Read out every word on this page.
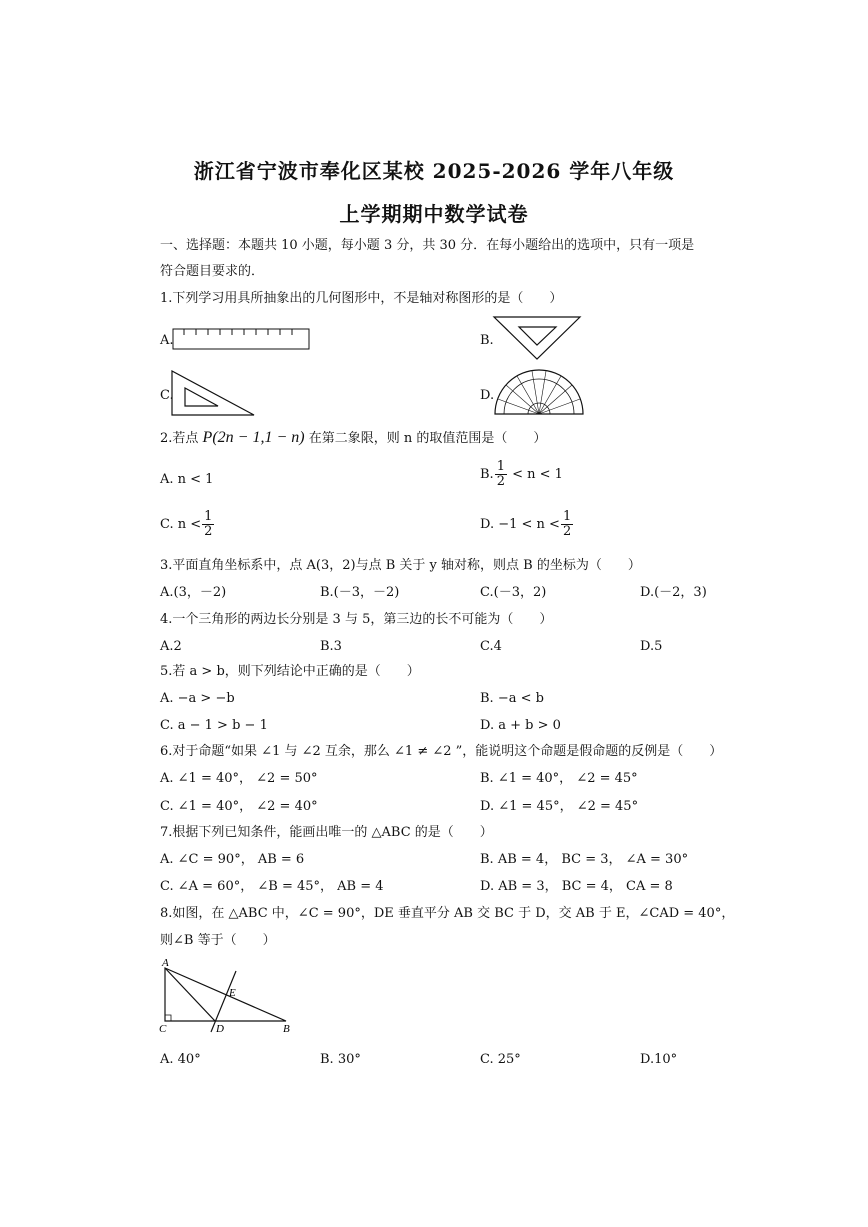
浙江省宁波市奉化区某校 2025-2026 学年八年级
上学期期中数学试卷
一、选择题：本题共 10 小题，每小题 3 分，共 30 分．在每小题给出的选项中，只有一项是
符合题目要求的．
1.下列学习用具所抽象出的几何图形中，不是轴对称图形的是（　　）
A.	B.
C.	D.
2.若点 P(2n − 1,1 − n) 在第二象限，则 n 的取值范围是（　　）
A. n < 1	B. $\frac{1}{2} < n < 1$
C. $n < \frac{1}{2}$	D. $-1 < n < \frac{1}{2}$
3.平面直角坐标系中，点 A(3，2)与点 B 关于 y 轴对称，则点 B 的坐标为（　　）
A.(3，－2)	B.(－3，－2)	C.(－3，2)	D.(－2，3)
4.一个三角形的两边长分别是 3 与 5，第三边的长不可能为（　　）
A.2	B.3	C.4	D.5
5.若 a > b，则下列结论中正确的是（　　）
A. −a > −b	B. −a < b
C. a − 1 > b − 1	D. a + b > 0
6.对于命题“如果 ∠1 与 ∠2 互余，那么 ∠1 ≠ ∠2 ”，能说明这个命题是假命题的反例是（　　）
A. ∠1 = 40°， ∠2 = 50°	B. ∠1 = 40°， ∠2 = 45°
C. ∠1 = 40°， ∠2 = 40°	D. ∠1 = 45°， ∠2 = 45°
7.根据下列已知条件，能画出唯一的 △ABC 的是（　　）
A. ∠C = 90°， AB = 6	B. AB = 4， BC = 3， ∠A = 30°
C. ∠A = 60°， ∠B = 45°， AB = 4	D. AB = 3， BC = 4， CA = 8
8.如图，在 △ABC 中，∠C = 90°，DE 垂直平分 AB 交 BC 于 D，交 AB 于 E，∠CAD = 40°，
则∠B 等于（　　）
A
C	D	B
E
A. 40°	B. 30°	C. 25°	D.10°
